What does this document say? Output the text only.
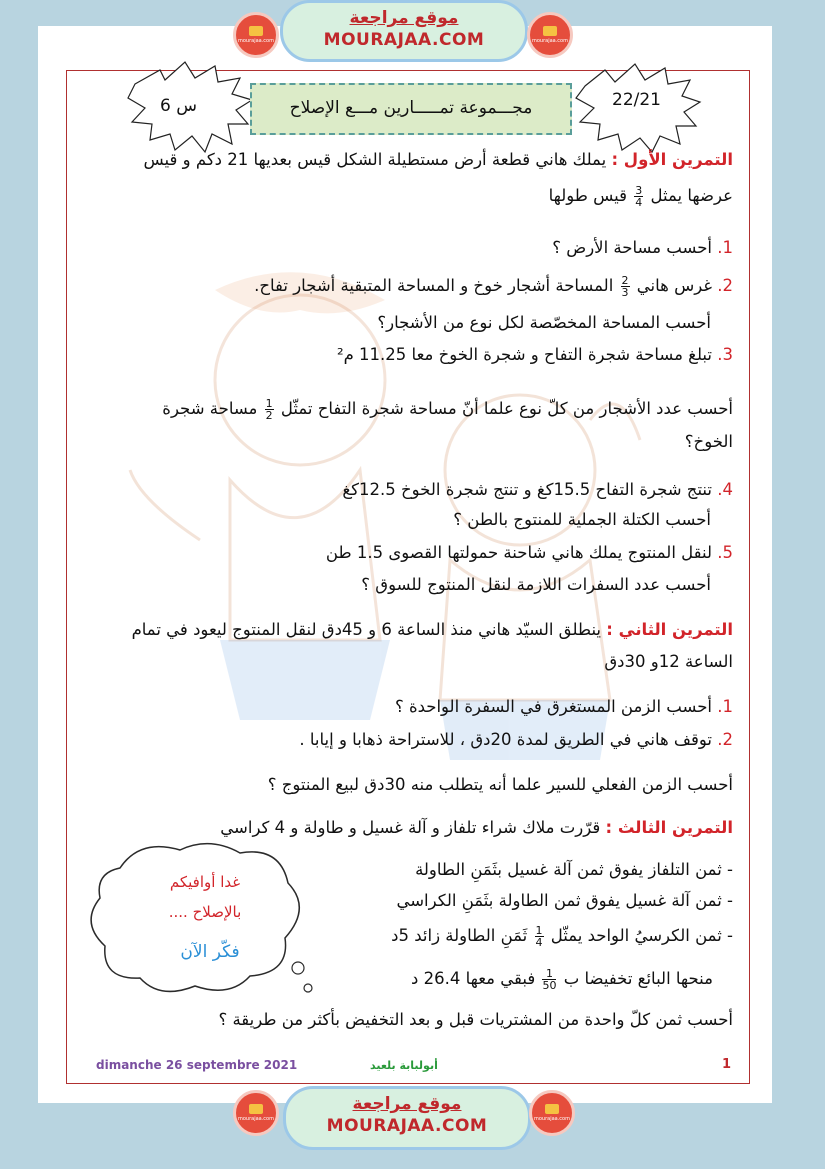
mourajaa.com
موقع مراجعة
MOURAJAA.COM	mourajaa.com
س 6	22/21
مجـــموعة تمـــــارين مـــع الإصلاح
التمرين الأول : يملك هاني قطعة أرض مستطيلة الشكل قيس بعديها 21 دكم و قيس
عرضها يمثل
$\frac{3}{4}$
قيس طولها
1. أحسب مساحة الأرض ؟
2. غرس هاني
$\frac{2}{3}$
المساحة أشجار خوخ و المساحة المتبقية أشجار تفاح.
أحسب المساحة المخصّصة لكل نوع من الأشجار؟
3. تبلغ مساحة شجرة التفاح و شجرة الخوخ معا 11.25 م²
أحسب عدد الأشجار من كلّ نوع علما أنّ مساحة شجرة التفاح تمثّل
$\frac{1}{2}$
مساحة شجرة
الخوخ؟
4. تنتج شجرة التفاح 15.5كغ و تنتج شجرة الخوخ 12.5كغ
أحسب الكتلة الجملية للمنتوج بالطن ؟
5. لنقل المنتوج يملك هاني شاحنة حمولتها القصوى 1.5 طن
أحسب عدد السفرات اللازمة لنقل المنتوج للسوق ؟
التمرين الثاني : ينطلق السيّد هاني منذ الساعة 6 و 45دق لنقل المنتوج ليعود في تمام
الساعة 12و 30دق
1. أحسب الزمن المستغرق في السفرة الواحدة ؟
2. توقف هاني في الطريق لمدة 20دق ، للاستراحة ذهابا و إيابا .
أحسب الزمن الفعلي للسير علما أنه يتطلب منه 30دق لبيع المنتوج ؟
التمرين الثالث : قرّرت ملاك شراء تلفاز و آلة غسيل و طاولة و 4 كراسي
- ثمن التلفاز يفوق ثمن آلة غسيل بثَمَنِ الطاولة
- ثمن آلة غسيل يفوق ثمن الطاولة بثَمَنِ الكراسي
- ثمن الكرسيُ الواحد يمثّل
$\frac{1}{4}$
ثَمَنِ الطاولة زائد 5د
منحها البائع تخفيضا ب
$\frac{1}{50}$
فبقي معها 26.4 د
أحسب ثمن كلّ واحدة من المشتريات قبل و بعد التخفيض بأكثر من طريقة ؟
غدا أوافيكم
بالإصلاح ....
فكّر الآن
dimanche 26 septembre 2021	أبولبابة بلعيد	1
mourajaa.com
موقع مراجعة
MOURAJAA.COM	mourajaa.com
